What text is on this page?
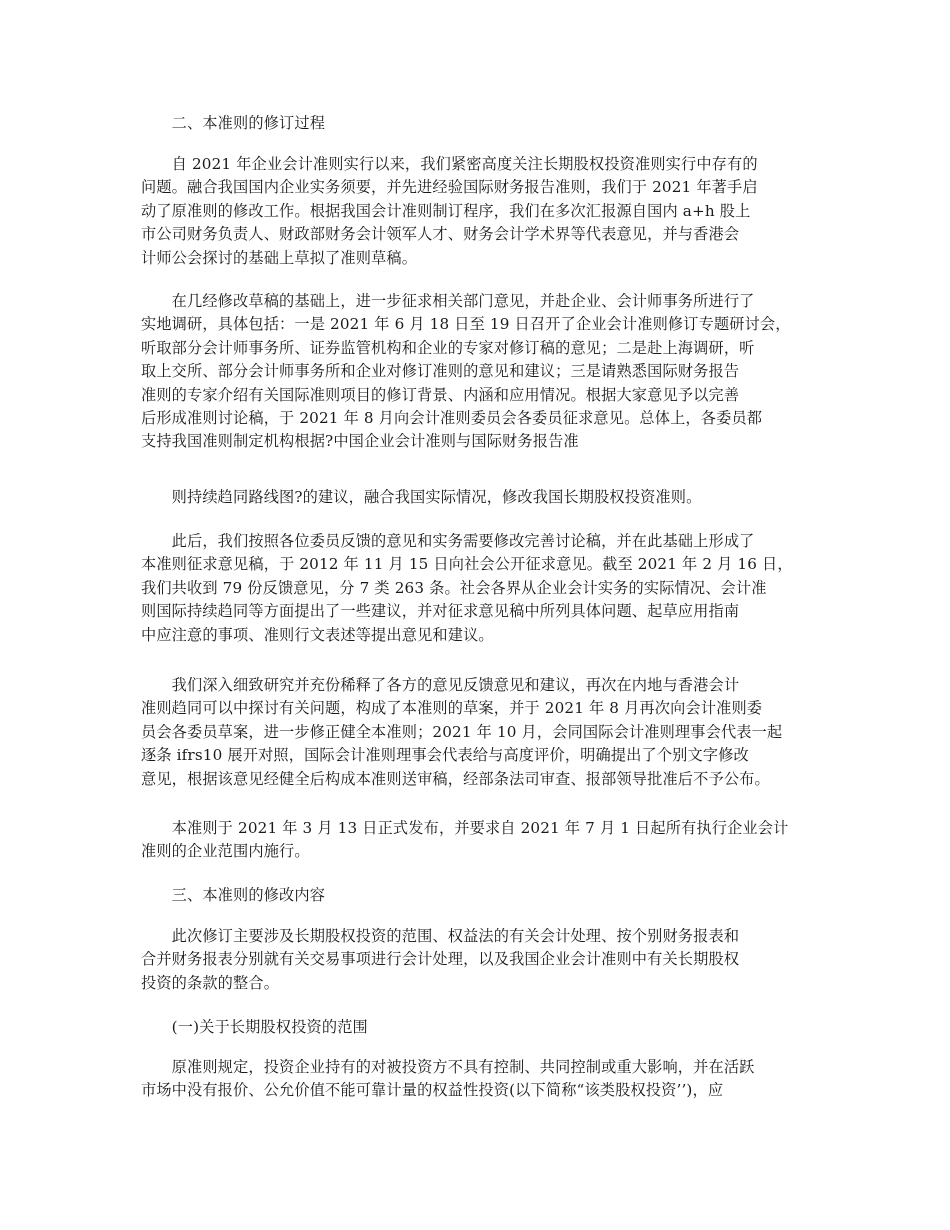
　　二、本准则的修订过程
　　自 2021 年企业会计准则实行以来，我们紧密高度关注长期股权投资准则实行中存有的
问题。融合我国国内企业实务须要，并先进经验国际财务报告准则，我们于 2021 年著手启
动了原准则的修改工作。根据我国会计准则制订程序，我们在多次汇报源自国内 a+h 股上
市公司财务负责人、财政部财务会计领军人才、财务会计学术界等代表意见，并与香港会
计师公会探讨的基础上草拟了准则草稿。
　　在几经修改草稿的基础上，进一步征求相关部门意见，并赴企业、会计师事务所进行了
实地调研，具体包括：一是 2021 年 6 月 18 日至 19 日召开了企业会计准则修订专题研讨会，
听取部分会计师事务所、证券监管机构和企业的专家对修订稿的意见；二是赴上海调研，听
取上交所、部分会计师事务所和企业对修订准则的意见和建议；三是请熟悉国际财务报告
准则的专家介绍有关国际准则项目的修订背景、内涵和应用情况。根据大家意见予以完善
后形成准则讨论稿，于 2021 年 8 月向会计准则委员会各委员征求意见。总体上，各委员都
支持我国准则制定机构根据?中国企业会计准则与国际财务报告准
　　则持续趋同路线图?的建议，融合我国实际情况，修改我国长期股权投资准则。
　　此后，我们按照各位委员反馈的意见和实务需要修改完善讨论稿，并在此基础上形成了
本准则征求意见稿，于 2012 年 11 月 15 日向社会公开征求意见。截至 2021 年 2 月 16 日，
我们共收到 79 份反馈意见，分 7 类 263 条。社会各界从企业会计实务的实际情况、会计准
则国际持续趋同等方面提出了一些建议，并对征求意见稿中所列具体问题、起草应用指南
中应注意的事项、准则行文表述等提出意见和建议。
　　我们深入细致研究并充份稀释了各方的意见反馈意见和建议，再次在内地与香港会计
准则趋同可以中探讨有关问题，构成了本准则的草案，并于 2021 年 8 月再次向会计准则委
员会各委员草案，进一步修正健全本准则；2021 年 10 月，会同国际会计准则理事会代表一起
逐条 ifrs10 展开对照，国际会计准则理事会代表给与高度评价，明确提出了个别文字修改
意见，根据该意见经健全后构成本准则送审稿，经部条法司审查、报部领导批准后不予公布。
　　本准则于 2021 年 3 月 13 日正式发布，并要求自 2021 年 7 月 1 日起所有执行企业会计
准则的企业范围内施行。
　　三、本准则的修改内容
　　此次修订主要涉及长期股权投资的范围、权益法的有关会计处理、按个别财务报表和
合并财务报表分别就有关交易事项进行会计处理，以及我国企业会计准则中有关长期股权
投资的条款的整合。
　　(一)关于长期股权投资的范围
　　原准则规定，投资企业持有的对被投资方不具有控制、共同控制或重大影响，并在活跃
市场中没有报价、公允价值不能可靠计量的权益性投资(以下简称“该类股权投资’’)，应
